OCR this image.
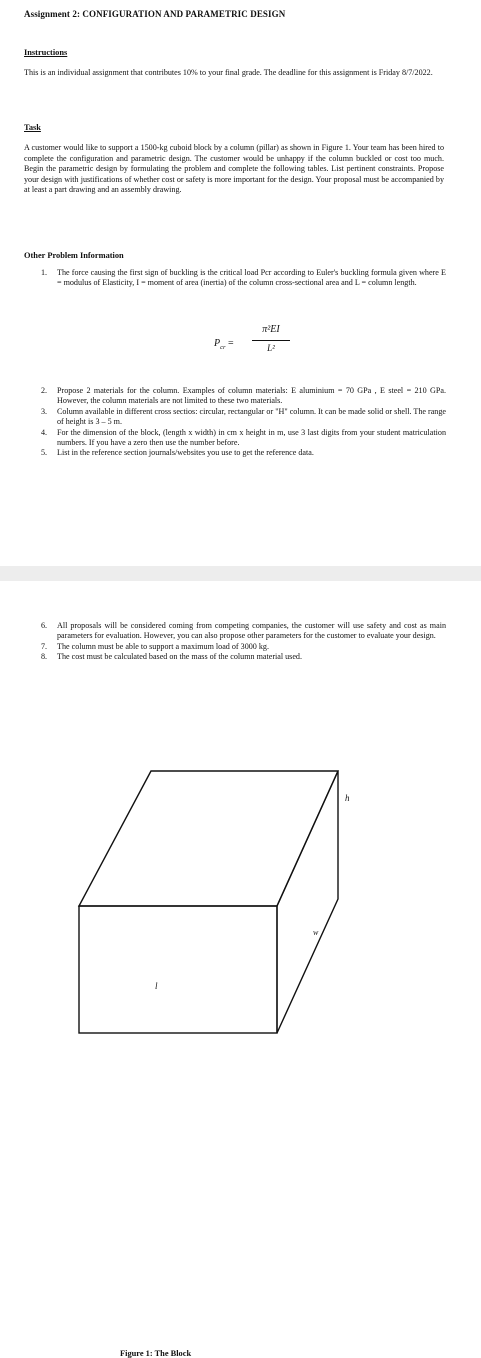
Assignment 2: CONFIGURATION AND PARAMETRIC DESIGN
Instructions

This is an individual assignment that contributes 10% to your final grade. The deadline for this assignment is Friday 8/7/2022.

Task

A customer would like to support a 1500-kg cuboid block by a column (pillar) as shown in Figure 1. Your team has been hired to complete the configuration and parametric design. The customer would be unhappy if the column buckled or cost too much. Begin the parametric design by formulating the problem and complete the following tables. List pertinent constraints. Propose your design with justifications of whether cost or safety is more important for the design. Your proposal must be accompanied by at least a part drawing and an assembly drawing.

Other Problem Information
1. The force causing the first sign of buckling is the critical load Pcr according to Euler's buckling formula given where E = modulus of Elasticity, I = moment of area (inertia) of the column cross-sectional area and L = column length.
$P_{cr}$ =
π²EI
L²
2. Propose 2 materials for the column. Examples of column materials: E aluminium = 70 GPa , E steel = 210 GPa. However, the column materials are not limited to these two materials.
3. Column available in different cross sectios: circular, rectangular or "H" column. It can be made solid or shell. The range of height is 3 – 5 m.
4. For the dimension of the block, (length x width) in cm x height in m, use 3 last digits from your student matriculation numbers. If you have a zero then use the number before.
5. List in the reference section journals/websites you use to get the reference data.
6. All proposals will be considered coming from competing companies, the customer will use safety and cost as main parameters for evaluation. However, you can also propose other parameters for the customer to evaluate your design.
7. The column must be able to support a maximum load of 3000 kg.
8. The cost must be calculated based on the mass of the column material used.
h
w
l
Figure 1: The Block
